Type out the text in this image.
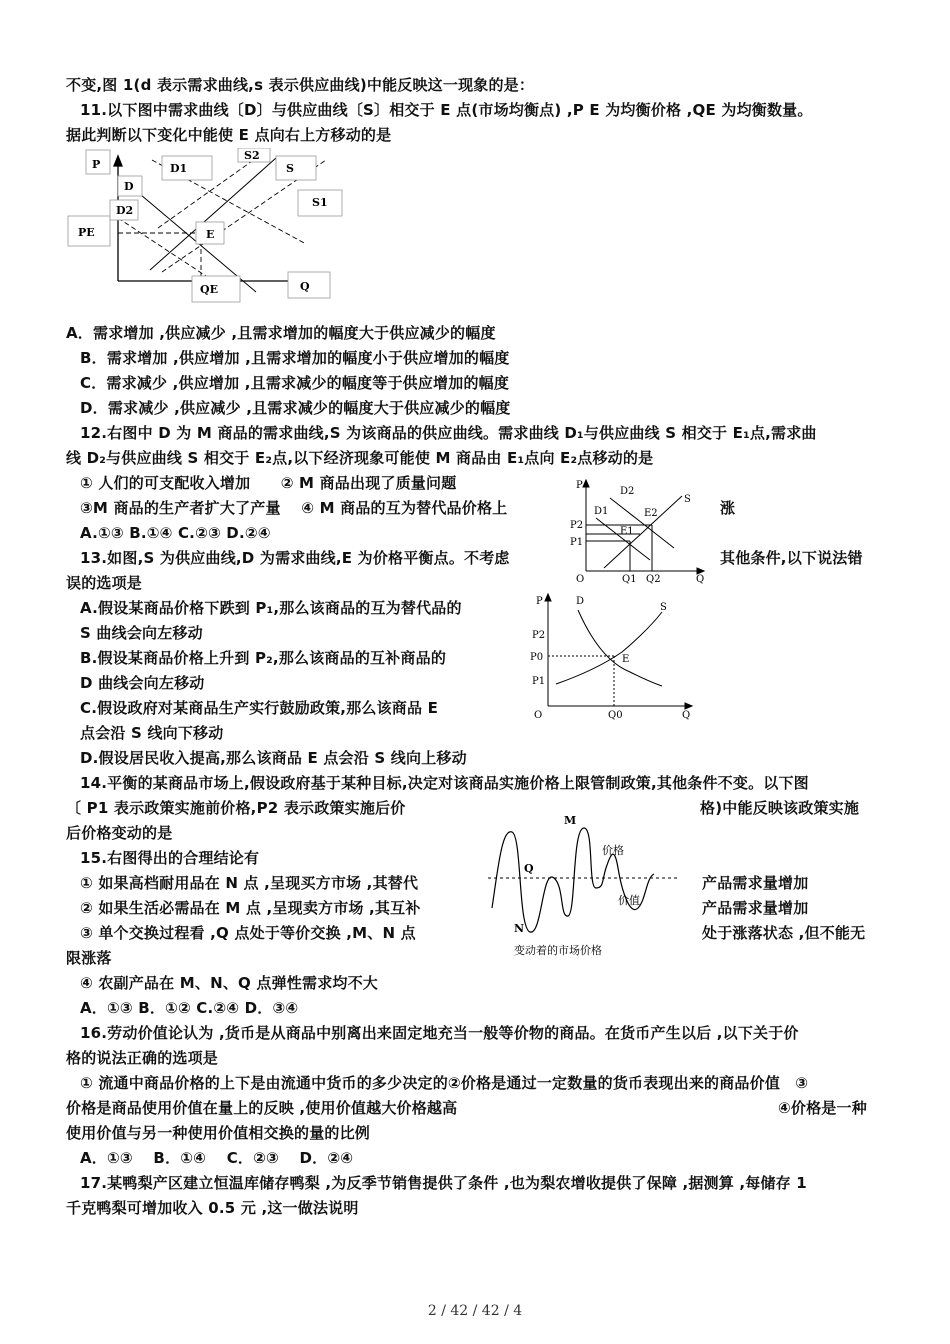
不变,图 1(d 表示需求曲线,s 表示供应曲线)中能反映这一现象的是：
11.以下图中需求曲线〔D〕与供应曲线〔S〕相交于 E 点(市场均衡点) ,P E 为均衡价格 ,QE 为均衡数量。
据此判断以下变化中能使 E 点向右上方移动的是
P	D1
S2
S
D
D2
S1
PE	E
QE	Q
A．需求增加 ,供应减少 ,且需求增加的幅度大于供应减少的幅度
B．需求增加 ,供应增加 ,且需求增加的幅度小于供应增加的幅度
C．需求减少 ,供应增加 ,且需求减少的幅度等于供应增加的幅度
D．需求减少 ,供应减少 ,且需求减少的幅度大于供应减少的幅度
12.右图中 D 为 M 商品的需求曲线,S 为该商品的供应曲线。需求曲线 D₁与供应曲线 S 相交于 E₁点,需求曲
线 D₂与供应曲线 S 相交于 E₂点,以下经济现象可能使 M 商品由 E₁点向 E₂点移动的是
① 人们的可支配收入增加　　② M 商品出现了质量问题
③M 商品的生产者扩大了产量　 ④ M 商品的互为替代品价格上	涨
P
D2
S
D1	E2
P2
E1
P1
O	Q1 Q2	Q
A.①③ B.①④ C.②③ D.②④
13.如图,S 为供应曲线,D 为需求曲线,E 为价格平衡点。不考虑	其他条件,以下说法错
误的选项是
P	D
S
P2
P0	E
P1
O	Q0	Q
A.假设某商品价格下跌到 P₁,那么该商品的互为替代品的
S 曲线会向左移动
B.假设某商品价格上升到 P₂,那么该商品的互补商品的
D 曲线会向左移动
C.假设政府对某商品生产实行鼓励政策,那么该商品 E
点会沿 S 线向下移动
D.假设居民收入提高,那么该商品 E 点会沿 S 线向上移动
14.平衡的某商品市场上,假设政府基于某种目标,决定对该商品实施价格上限管制政策,其他条件不变。以下图
〔 P1 表示政策实施前价格,P2 表示政策实施后价	格)中能反映该政策实施
后价格变动的是
M
价格
Q
价值
N
变动着的市场价格
15.右图得出的合理结论有
① 如果高档耐用品在 N 点 ,呈现买方市场 ,其替代	产品需求量增加
② 如果生活必需品在 M 点 ,呈现卖方市场 ,其互补	产品需求量增加
③ 单个交换过程看 ,Q 点处于等价交换 ,M、N 点	处于涨落状态 ,但不能无
限涨落
④ 农副产品在 M、N、Q 点弹性需求均不大
A．①③ B．①② C.②④ D．③④
16.劳动价值论认为 ,货币是从商品中别离出来固定地充当一般等价物的商品。在货币产生以后 ,以下关于价
格的说法正确的选项是
① 流通中商品价格的上下是由流通中货币的多少决定的②价格是通过一定数量的货币表现出来的商品价值　③
价格是商品使用价值在量上的反映 ,使用价值越大价格越高	④价格是一种
使用价值与另一种使用价值相交换的量的比例
A．①③　 B．①④　 C．②③　 D．②④
17.某鸭梨产区建立恒温库储存鸭梨 ,为反季节销售提供了条件 ,也为梨农增收提供了保障 ,据测算 ,每储存 1
千克鸭梨可增加收入 0.5 元 ,这一做法说明
2 / 42 / 42 / 4
